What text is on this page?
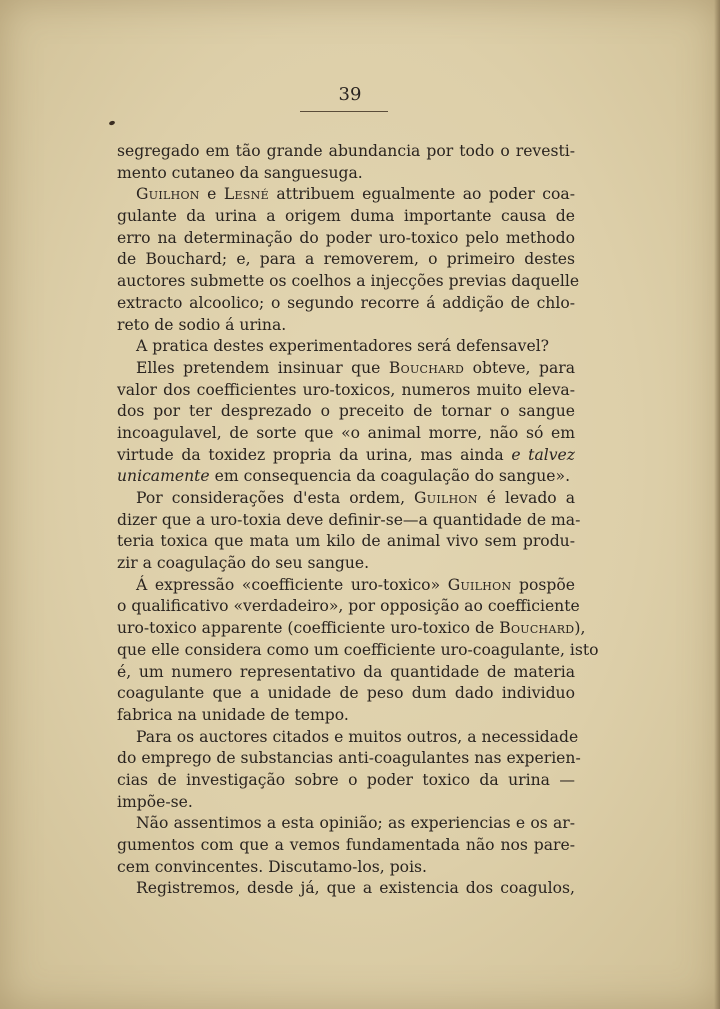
39
segregado em tão grande abundancia por todo o revesti-
mento cutaneo da sanguesuga.
Guilhon e Lesné attribuem egualmente ao poder coa-
gulante da urina a origem duma importante causa de
erro na determinação do poder uro-toxico pelo methodo
de Bouchard; e, para a removerem, o primeiro destes
auctores submette os coelhos a injecções previas daquelle
extracto alcoolico; o segundo recorre á addição de chlo-
reto de sodio á urina.
A pratica destes experimentadores será defensavel?
Elles pretendem insinuar que Bouchard obteve, para
valor dos coefficientes uro-toxicos, numeros muito eleva-
dos por ter desprezado o preceito de tornar o sangue
incoagulavel, de sorte que «o animal morre, não só em
virtude da toxidez propria da urina, mas ainda e talvez
unicamente em consequencia da coagulação do sangue».
Por considerações d'esta ordem, Guilhon é levado a
dizer que a uro-toxia deve definir-se—a quantidade de ma-
teria toxica que mata um kilo de animal vivo sem produ-
zir a coagulação do seu sangue.
Á expressão «coefficiente uro-toxico» Guilhon pospõe
o qualificativo «verdadeiro», por opposição ao coefficiente
uro-toxico apparente (coefficiente uro-toxico de Bouchard),
que elle considera como um coefficiente uro-coagulante, isto
é, um numero representativo da quantidade de materia
coagulante que a unidade de peso dum dado individuo
fabrica na unidade de tempo.
Para os auctores citados e muitos outros, a necessidade
do emprego de substancias anti-coagulantes nas experien-
cias de investigação sobre o poder toxico da urina —
impõe-se.
Não assentimos a esta opinião; as experiencias e os ar-
gumentos com que a vemos fundamentada não nos pare-
cem convincentes. Discutamo-los, pois.
Registremos, desde já, que a existencia dos coagulos,
